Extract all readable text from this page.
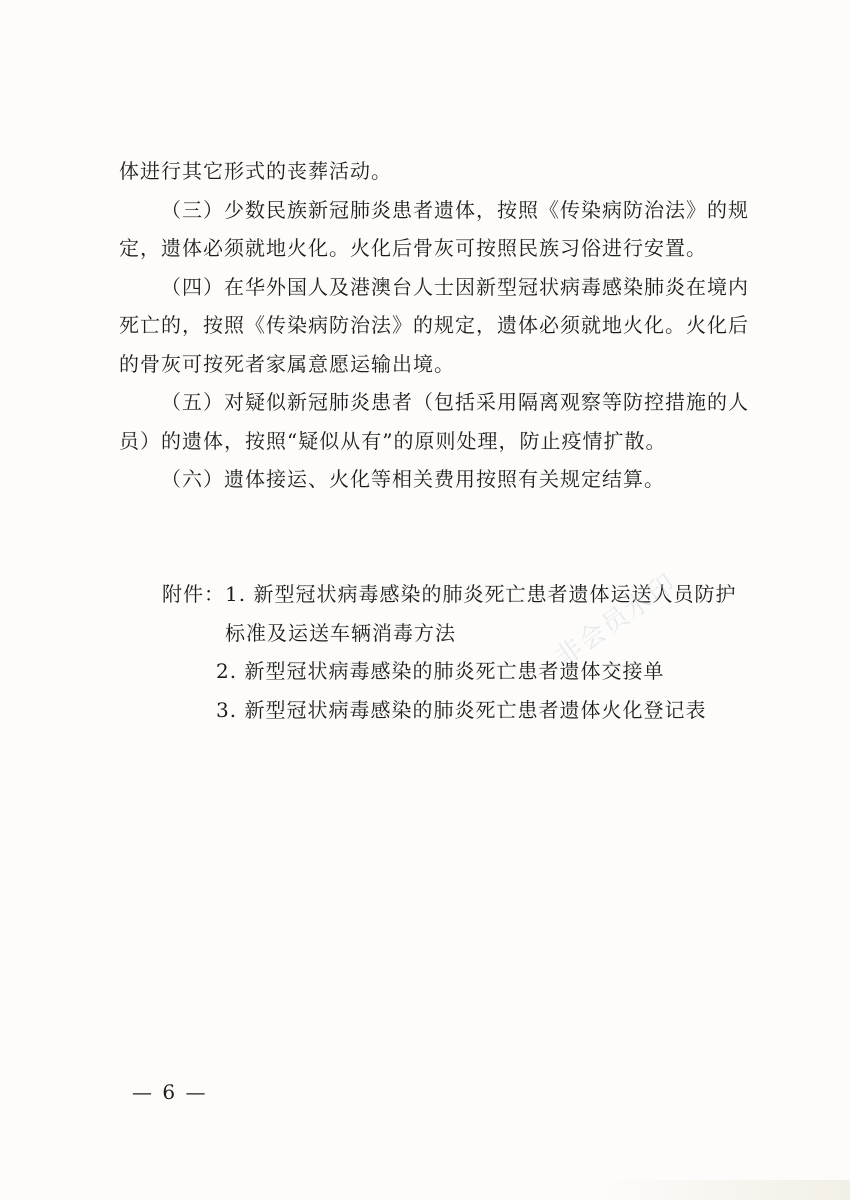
体进行其它形式的丧葬活动。

（三）少数民族新冠肺炎患者遗体，按照《传染病防治法》的规定，遗体必须就地火化。火化后骨灰可按照民族习俗进行安置。

（四）在华外国人及港澳台人士因新型冠状病毒感染肺炎在境内死亡的，按照《传染病防治法》的规定，遗体必须就地火化。火化后的骨灰可按死者家属意愿运输出境。

（五）对疑似新冠肺炎患者（包括采用隔离观察等防控措施的人员）的遗体，按照“疑似从有”的原则处理，防止疫情扩散。

（六）遗体接运、火化等相关费用按照有关规定结算。

附件： 1. 新型冠状病毒感染的肺炎死亡患者遗体运送人员防护标准及运送车辆消毒方法

2. 新型冠状病毒感染的肺炎死亡患者遗体交接单

3. 新型冠状病毒感染的肺炎死亡患者遗体火化登记表

非会员水印
— 6 —
